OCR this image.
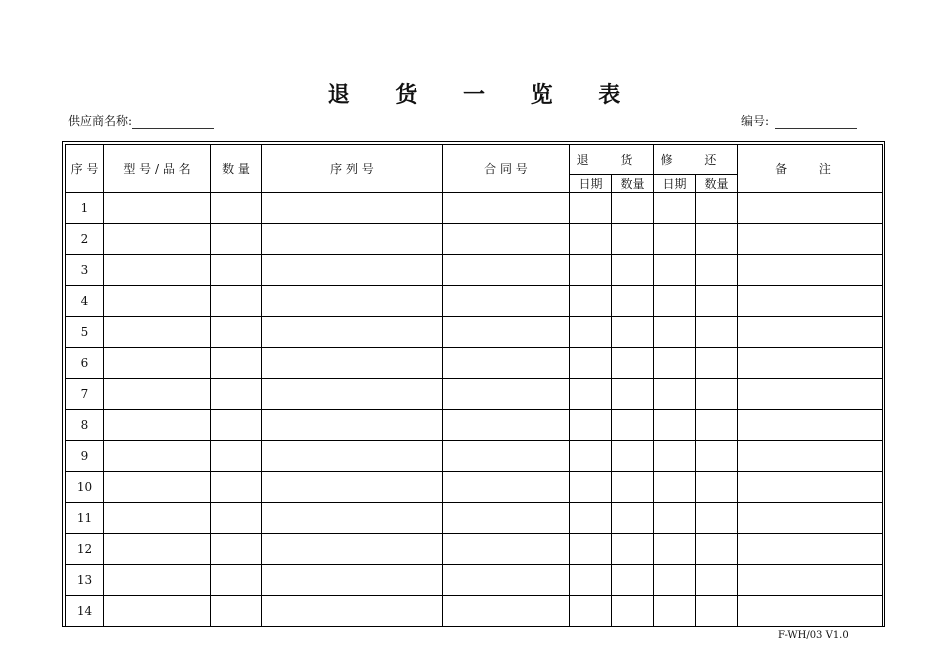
退 货 一 览 表
供应商名称:	编号:
序 号	型 号 / 品 名	数 量	序 列 号	合 同 号	退 货		修 还		备 注
					日期	数量	日期	数量	
1									
2									
3									
4									
5									
6									
7									
8									
9									
10									
11									
12									
13									
14									
F-WH/03 V1.0
